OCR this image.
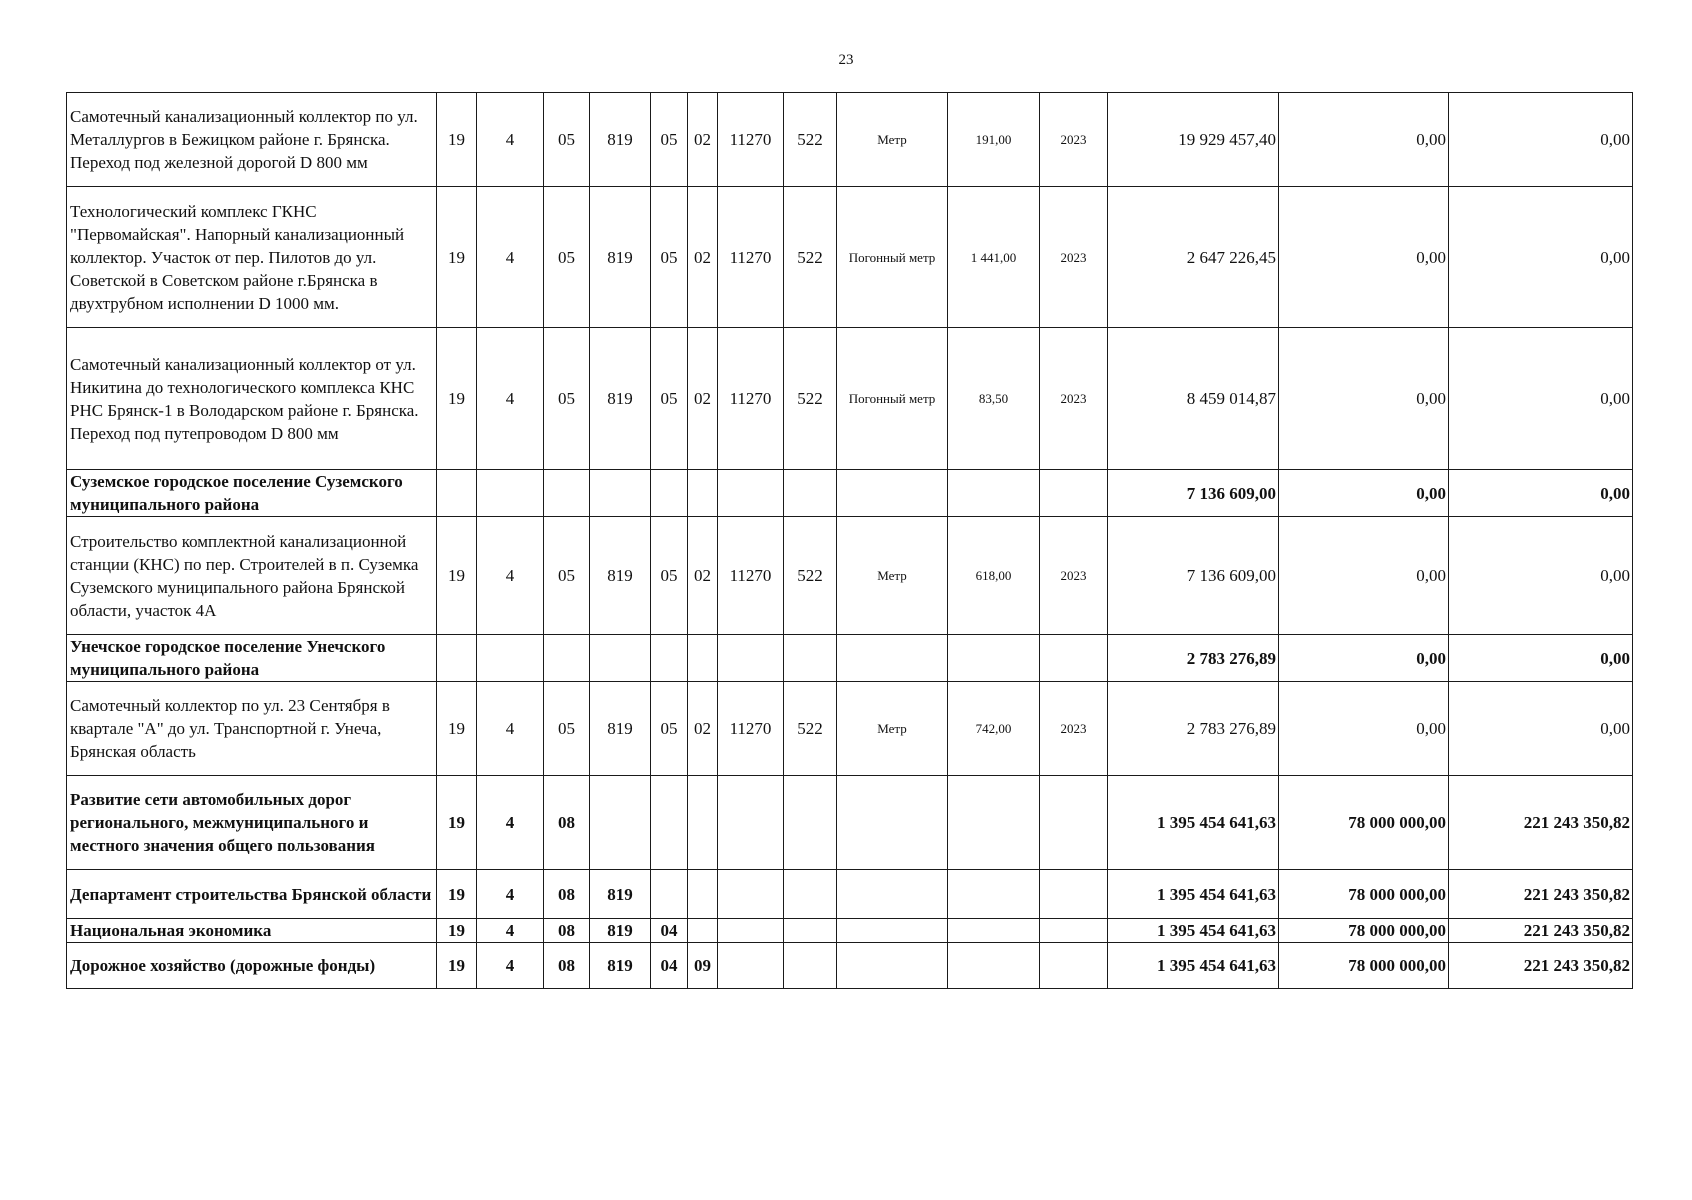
23
Самотечный канализационный коллектор по ул. Металлургов в Бежицком районе г. Брянска. Переход под железной дорогой D 800 мм	19	4	05	819	05	02	11270	522	Метр	191,00	2023	19 929 457,40	0,00	0,00
Технологический комплекс ГКНС "Первомайская". Напорный канализационный коллектор. Участок от пер. Пилотов до ул. Советской в Советском районе г.Брянска в двухтрубном исполнении D 1000 мм.	19	4	05	819	05	02	11270	522	Погонный метр	1 441,00	2023	2 647 226,45	0,00	0,00
Самотечный канализационный коллектор от ул. Никитина до технологического комплекса КНС РНС Брянск-1 в Володарском районе г. Брянска. Переход под путепроводом D 800 мм	19	4	05	819	05	02	11270	522	Погонный метр	83,50	2023	8 459 014,87	0,00	0,00
Суземское городское поселение Суземского муниципального района												7 136 609,00	0,00	0,00
Строительство комплектной канализационной станции (КНС) по пер. Строителей в п. Суземка Суземского муниципального района Брянской области, участок 4А	19	4	05	819	05	02	11270	522	Метр	618,00	2023	7 136 609,00	0,00	0,00
Унечское городское поселение Унечского муниципального района												2 783 276,89	0,00	0,00
Самотечный коллектор по ул. 23 Сентября в квартале "А" до ул. Транспортной г. Унеча, Брянская область	19	4	05	819	05	02	11270	522	Метр	742,00	2023	2 783 276,89	0,00	0,00
Развитие сети автомобильных дорог регионального, межмуниципального и местного значения общего пользования	19	4	08									1 395 454 641,63	78 000 000,00	221 243 350,82
Департамент строительства Брянской области	19	4	08	819								1 395 454 641,63	78 000 000,00	221 243 350,82
Национальная экономика	19	4	08	819	04							1 395 454 641,63	78 000 000,00	221 243 350,82
Дорожное хозяйство (дорожные фонды)	19	4	08	819	04	09						1 395 454 641,63	78 000 000,00	221 243 350,82
